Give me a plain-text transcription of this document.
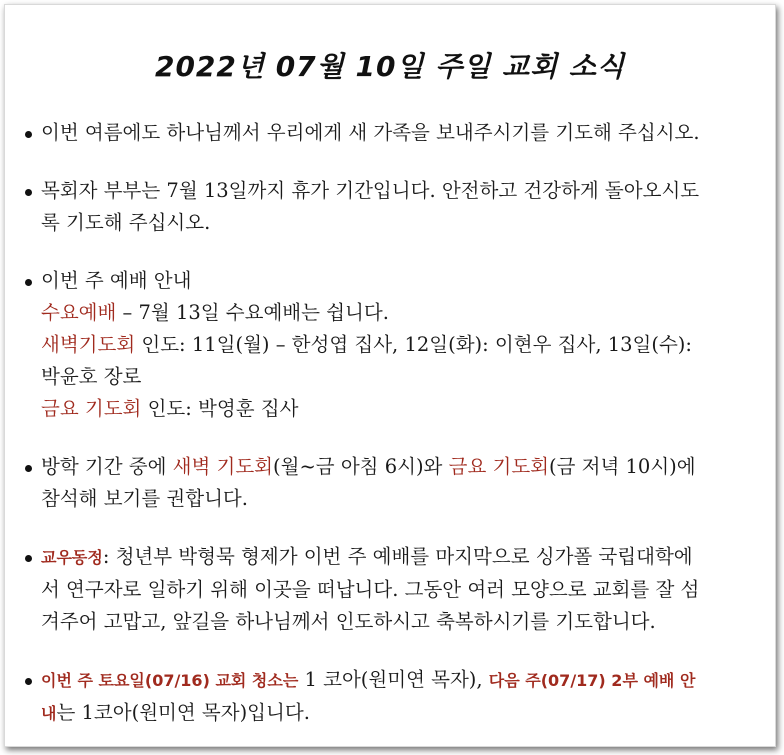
2022년 07월 10일 주일 교회 소식

이번 여름에도 하나님께서 우리에게 새 가족을 보내주시기를 기도해 주십시오.

목회자 부부는 7월 13일까지 휴가 기간입니다. 안전하고 건강하게 돌아오시도

록 기도해 주십시오.

이번 주 예배 안내

수요예배 – 7월 13일 수요예배는 쉽니다.

새벽기도회 인도: 11일(월) – 한성엽 집사, 12일(화): 이현우 집사, 13일(수):

박윤호 장로

금요 기도회 인도: 박영훈 집사

방학 기간 중에 새벽 기도회(월~금 아침 6시)와 금요 기도회(금 저녁 10시)에

참석해 보기를 권합니다.

교우동정: 청년부 박형묵 형제가 이번 주 예배를 마지막으로 싱가폴 국립대학에

서 연구자로 일하기 위해 이곳을 떠납니다. 그동안 여러 모양으로 교회를 잘 섬

겨주어 고맙고, 앞길을 하나님께서 인도하시고 축복하시기를 기도합니다.

이번 주 토요일(07/16) 교회 청소는 1 코아(원미연 목자), 다음 주(07/17) 2부 예배 안

내는 1코아(원미연 목자)입니다.
